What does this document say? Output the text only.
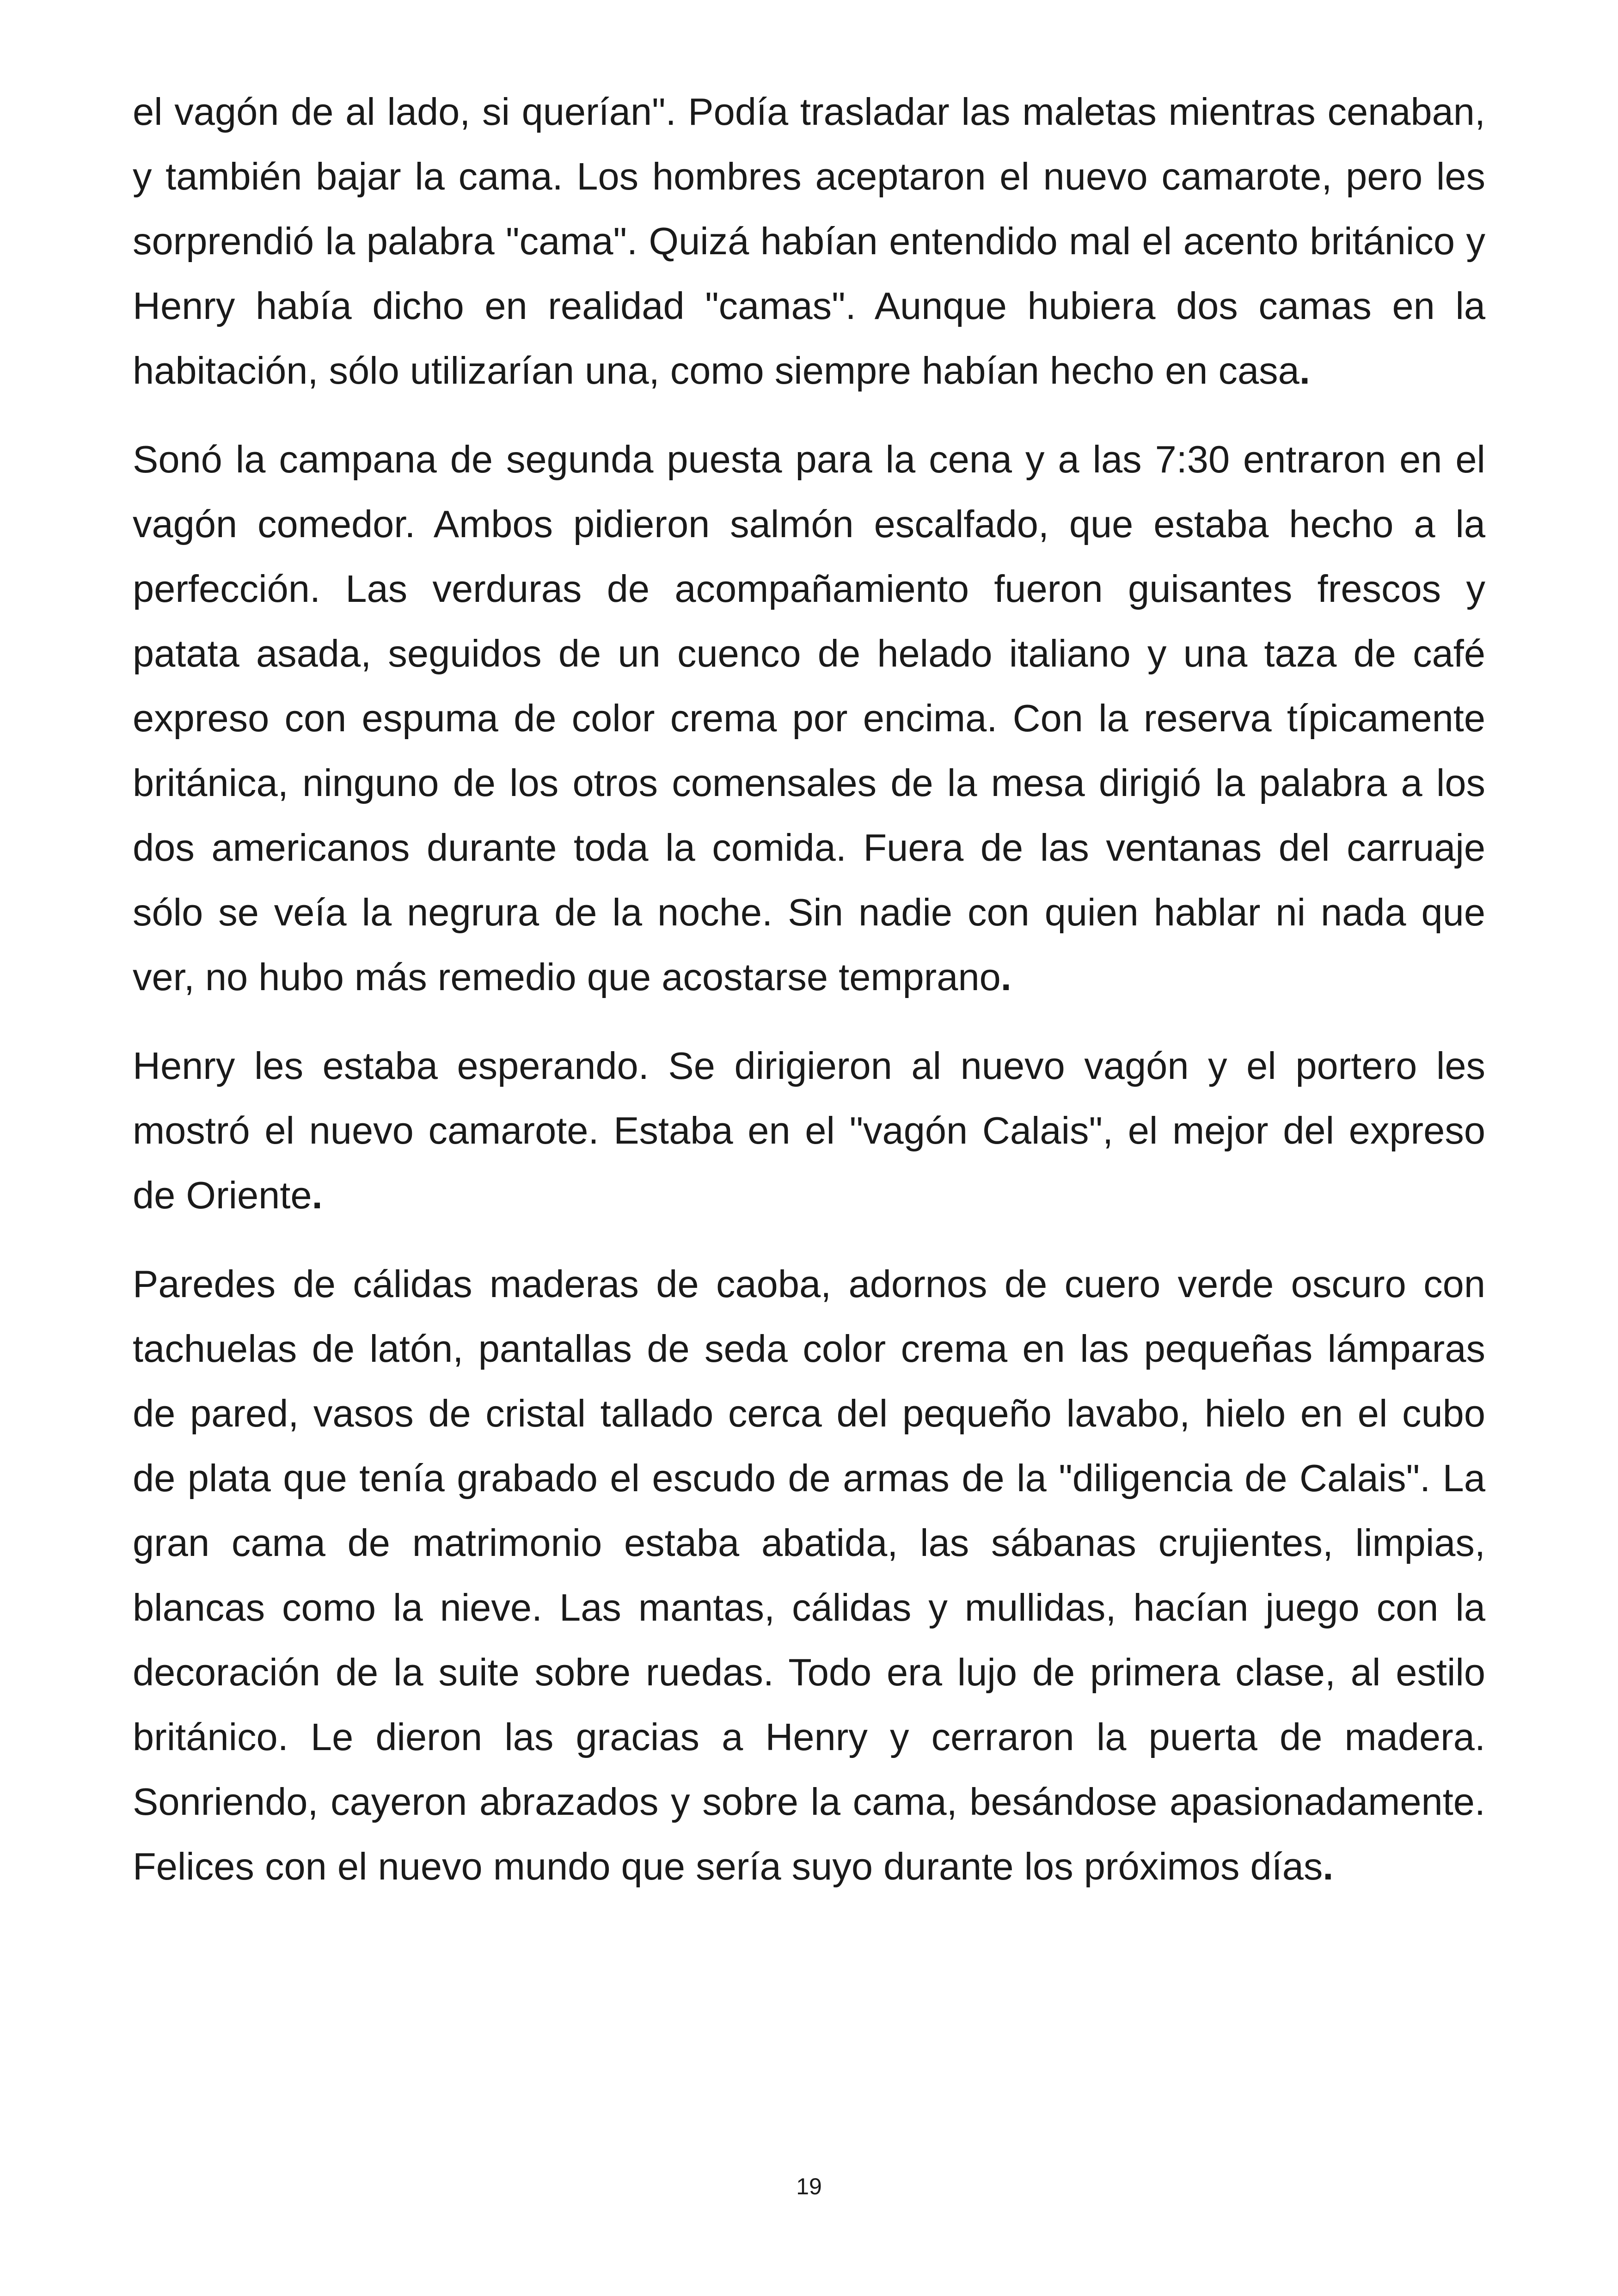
el vagón de al lado, si querían". Podía trasladar las maletas mientras cenaban, y también bajar la cama. Los hombres aceptaron el nuevo camarote, pero les sorprendió la palabra "cama". Quizá habían entendido mal el acento británico y Henry había dicho en realidad "camas". Aunque hubiera dos camas en la habitación, sólo utilizarían una, como siempre habían hecho en casa.

Sonó la campana de segunda puesta para la cena y a las 7:30 entraron en el vagón comedor. Ambos pidieron salmón escalfado, que estaba hecho a la perfección. Las verduras de acompañamiento fueron guisantes frescos y patata asada, seguidos de un cuenco de helado italiano y una taza de café expreso con espuma de color crema por encima. Con la reserva típicamente británica, ninguno de los otros comensales de la mesa dirigió la palabra a los dos americanos durante toda la comida. Fuera de las ventanas del carruaje sólo se veía la negrura de la noche. Sin nadie con quien hablar ni nada que ver, no hubo más remedio que acostarse temprano.

Henry les estaba esperando. Se dirigieron al nuevo vagón y el portero les mostró el nuevo camarote. Estaba en el "vagón Calais", el mejor del expreso de Oriente.

Paredes de cálidas maderas de caoba, adornos de cuero verde oscuro con tachuelas de latón, pantallas de seda color crema en las pequeñas lámparas de pared, vasos de cristal tallado cerca del pequeño lavabo, hielo en el cubo de plata que tenía grabado el escudo de armas de la "diligencia de Calais". La gran cama de matrimonio estaba abatida, las sábanas crujientes, limpias, blancas como la nieve. Las mantas, cálidas y mullidas, hacían juego con la decoración de la suite sobre ruedas. Todo era lujo de primera clase, al estilo británico. Le dieron las gracias a Henry y cerraron la puerta de madera. Sonriendo, cayeron abrazados y sobre la cama, besándose apasionadamente. Felices con el nuevo mundo que sería suyo durante los próximos días.

19
